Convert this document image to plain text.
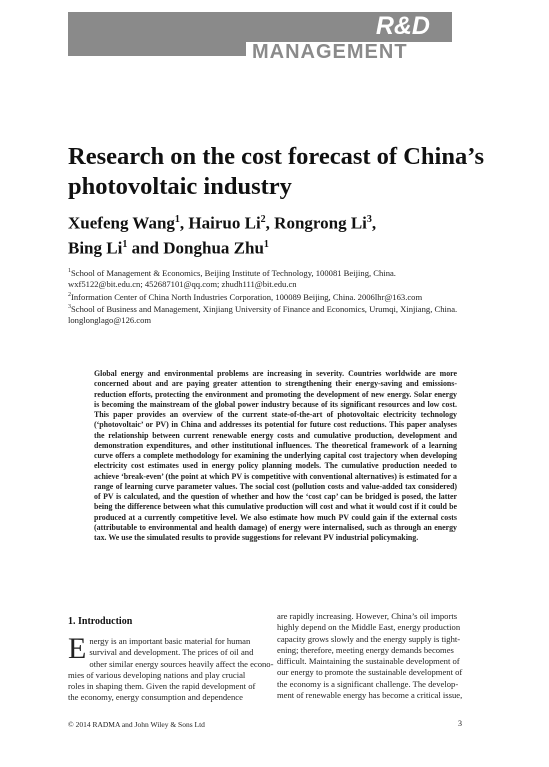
R&D
MANAGEMENT
Research on the cost forecast of China’s photovoltaic industry
Xuefeng Wang$^1$, Hairuo Li$^2$, Rongrong Li$^3$,
Bing Li$^1$ and Donghua Zhu$^1$

$^1$School of Management & Economics, Beijing Institute of Technology, 100081 Beijing, China. wxf5122@bit.edu.cn; 452687101@qq.com; zhudh111@bit.edu.cn

$^2$Information Center of China North Industries Corporation, 100089 Beijing, China. 2006lhr@163.com

$^3$School of Business and Management, Xinjiang University of Finance and Economics, Urumqi, Xinjiang, China. longlonglago@126.com

Global energy and environmental problems are increasing in severity. Countries worldwide are more concerned about and are paying greater attention to strengthening their energy-saving and emissions-reduction efforts, protecting the environment and promoting the development of new energy. Solar energy is becoming the mainstream of the global power industry because of its significant resources and low cost. This paper provides an overview of the current state-of-the-art of photovoltaic electricity technology (‘photovoltaic’ or PV) in China and addresses its potential for future cost reductions. This paper analyses the relationship between current renewable energy costs and cumulative production, development and demonstration expenditures, and other institutional influences. The theoretical framework of a learning curve offers a complete methodology for examining the underlying capital cost trajectory when developing electricity cost estimates used in energy policy planning models. The cumulative production needed to achieve ‘break-even’ (the point at which PV is competitive with conventional alternatives) is estimated for a range of learning curve parameter values. The social cost (pollution costs and value-added tax considered) of PV is calculated, and the question of whether and how the ‘cost cap’ can be bridged is posed, the latter being the difference between what this cumulative production will cost and what it would cost if it could be produced at a currently competitive level. We also estimate how much PV could gain if the external costs (attributable to environmental and health damage) of energy were internalised, such as through an energy tax. We use the simulated results to provide suggestions for relevant PV industrial policymaking.

1. Introduction
E nergy is an important basic material for human
survival and development. The prices of oil and
other similar energy sources heavily affect the econo-
mies of various developing nations and play crucial
roles in shaping them. Given the rapid development of
the economy, energy consumption and dependence
are rapidly increasing. However, China’s oil imports
highly depend on the Middle East, energy production
capacity grows slowly and the energy supply is tight-
ening; therefore, meeting energy demands becomes
difficult. Maintaining the sustainable development of
our energy to promote the sustainable development of
the economy is a significant challenge. The develop-
ment of renewable energy has become a critical issue,
© 2014 RADMA and John Wiley & Sons Ltd	3
